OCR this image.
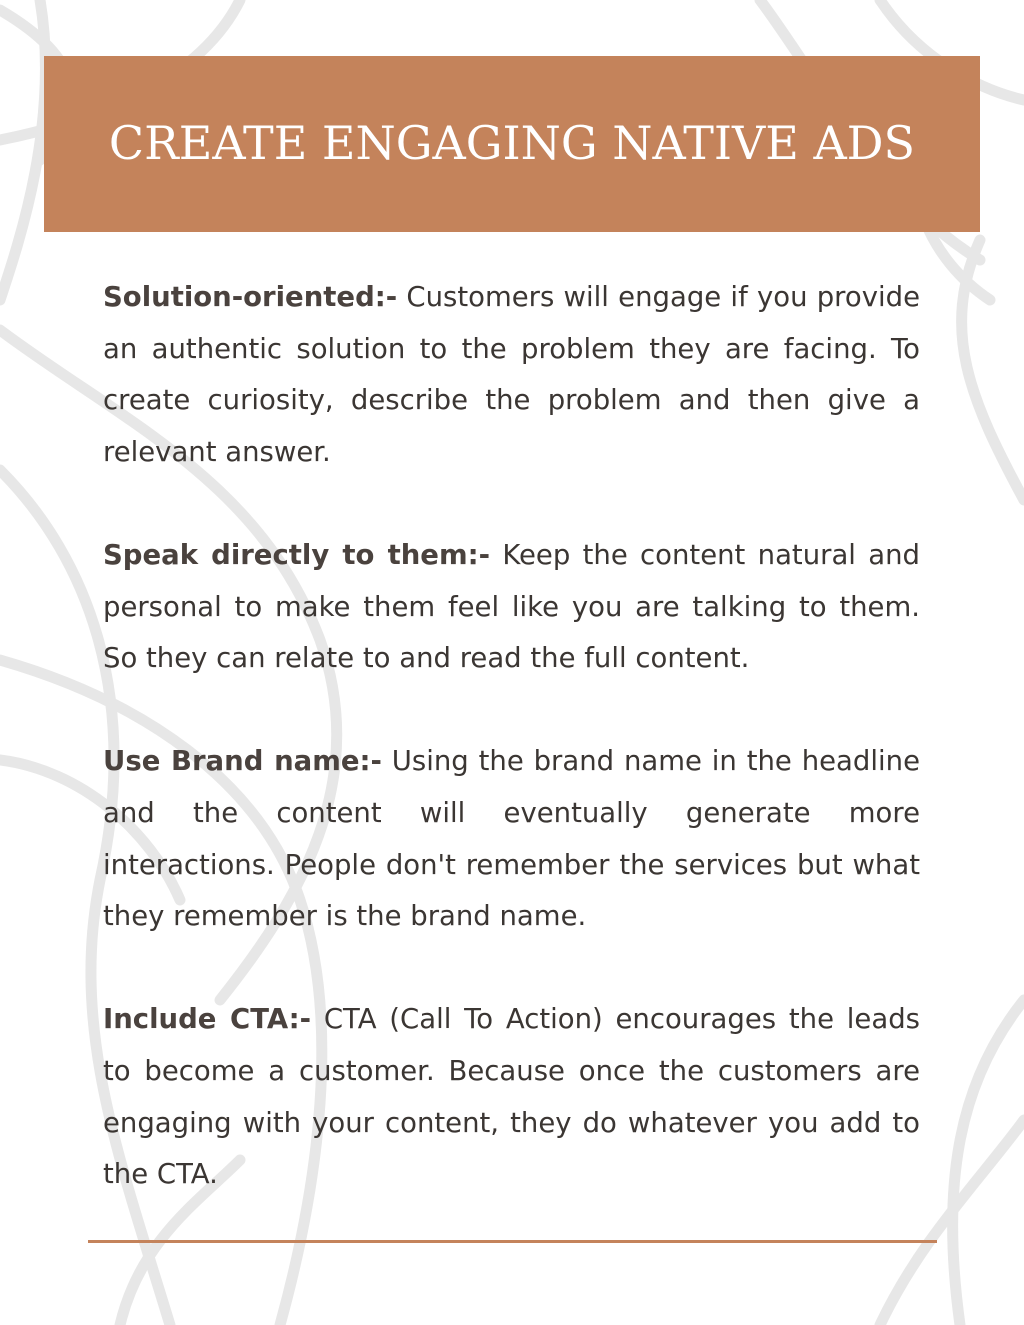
CREATE ENGAGING NATIVE ADS

Solution-oriented:- Customers will engage if you provide an authentic solution to the problem they are facing. To create curiosity, describe the problem and then give a relevant answer.

Speak directly to them:- Keep the content natural and personal to make them feel like you are talking to them. So they can relate to and read the full content.

Use Brand name:- Using the brand name in the headline and the content will eventually generate more interactions. People don't remember the services but what they remember is the brand name.

Include CTA:- CTA (Call To Action) encourages the leads to become a customer. Because once the customers are engaging with your content, they do whatever you add to the CTA.
